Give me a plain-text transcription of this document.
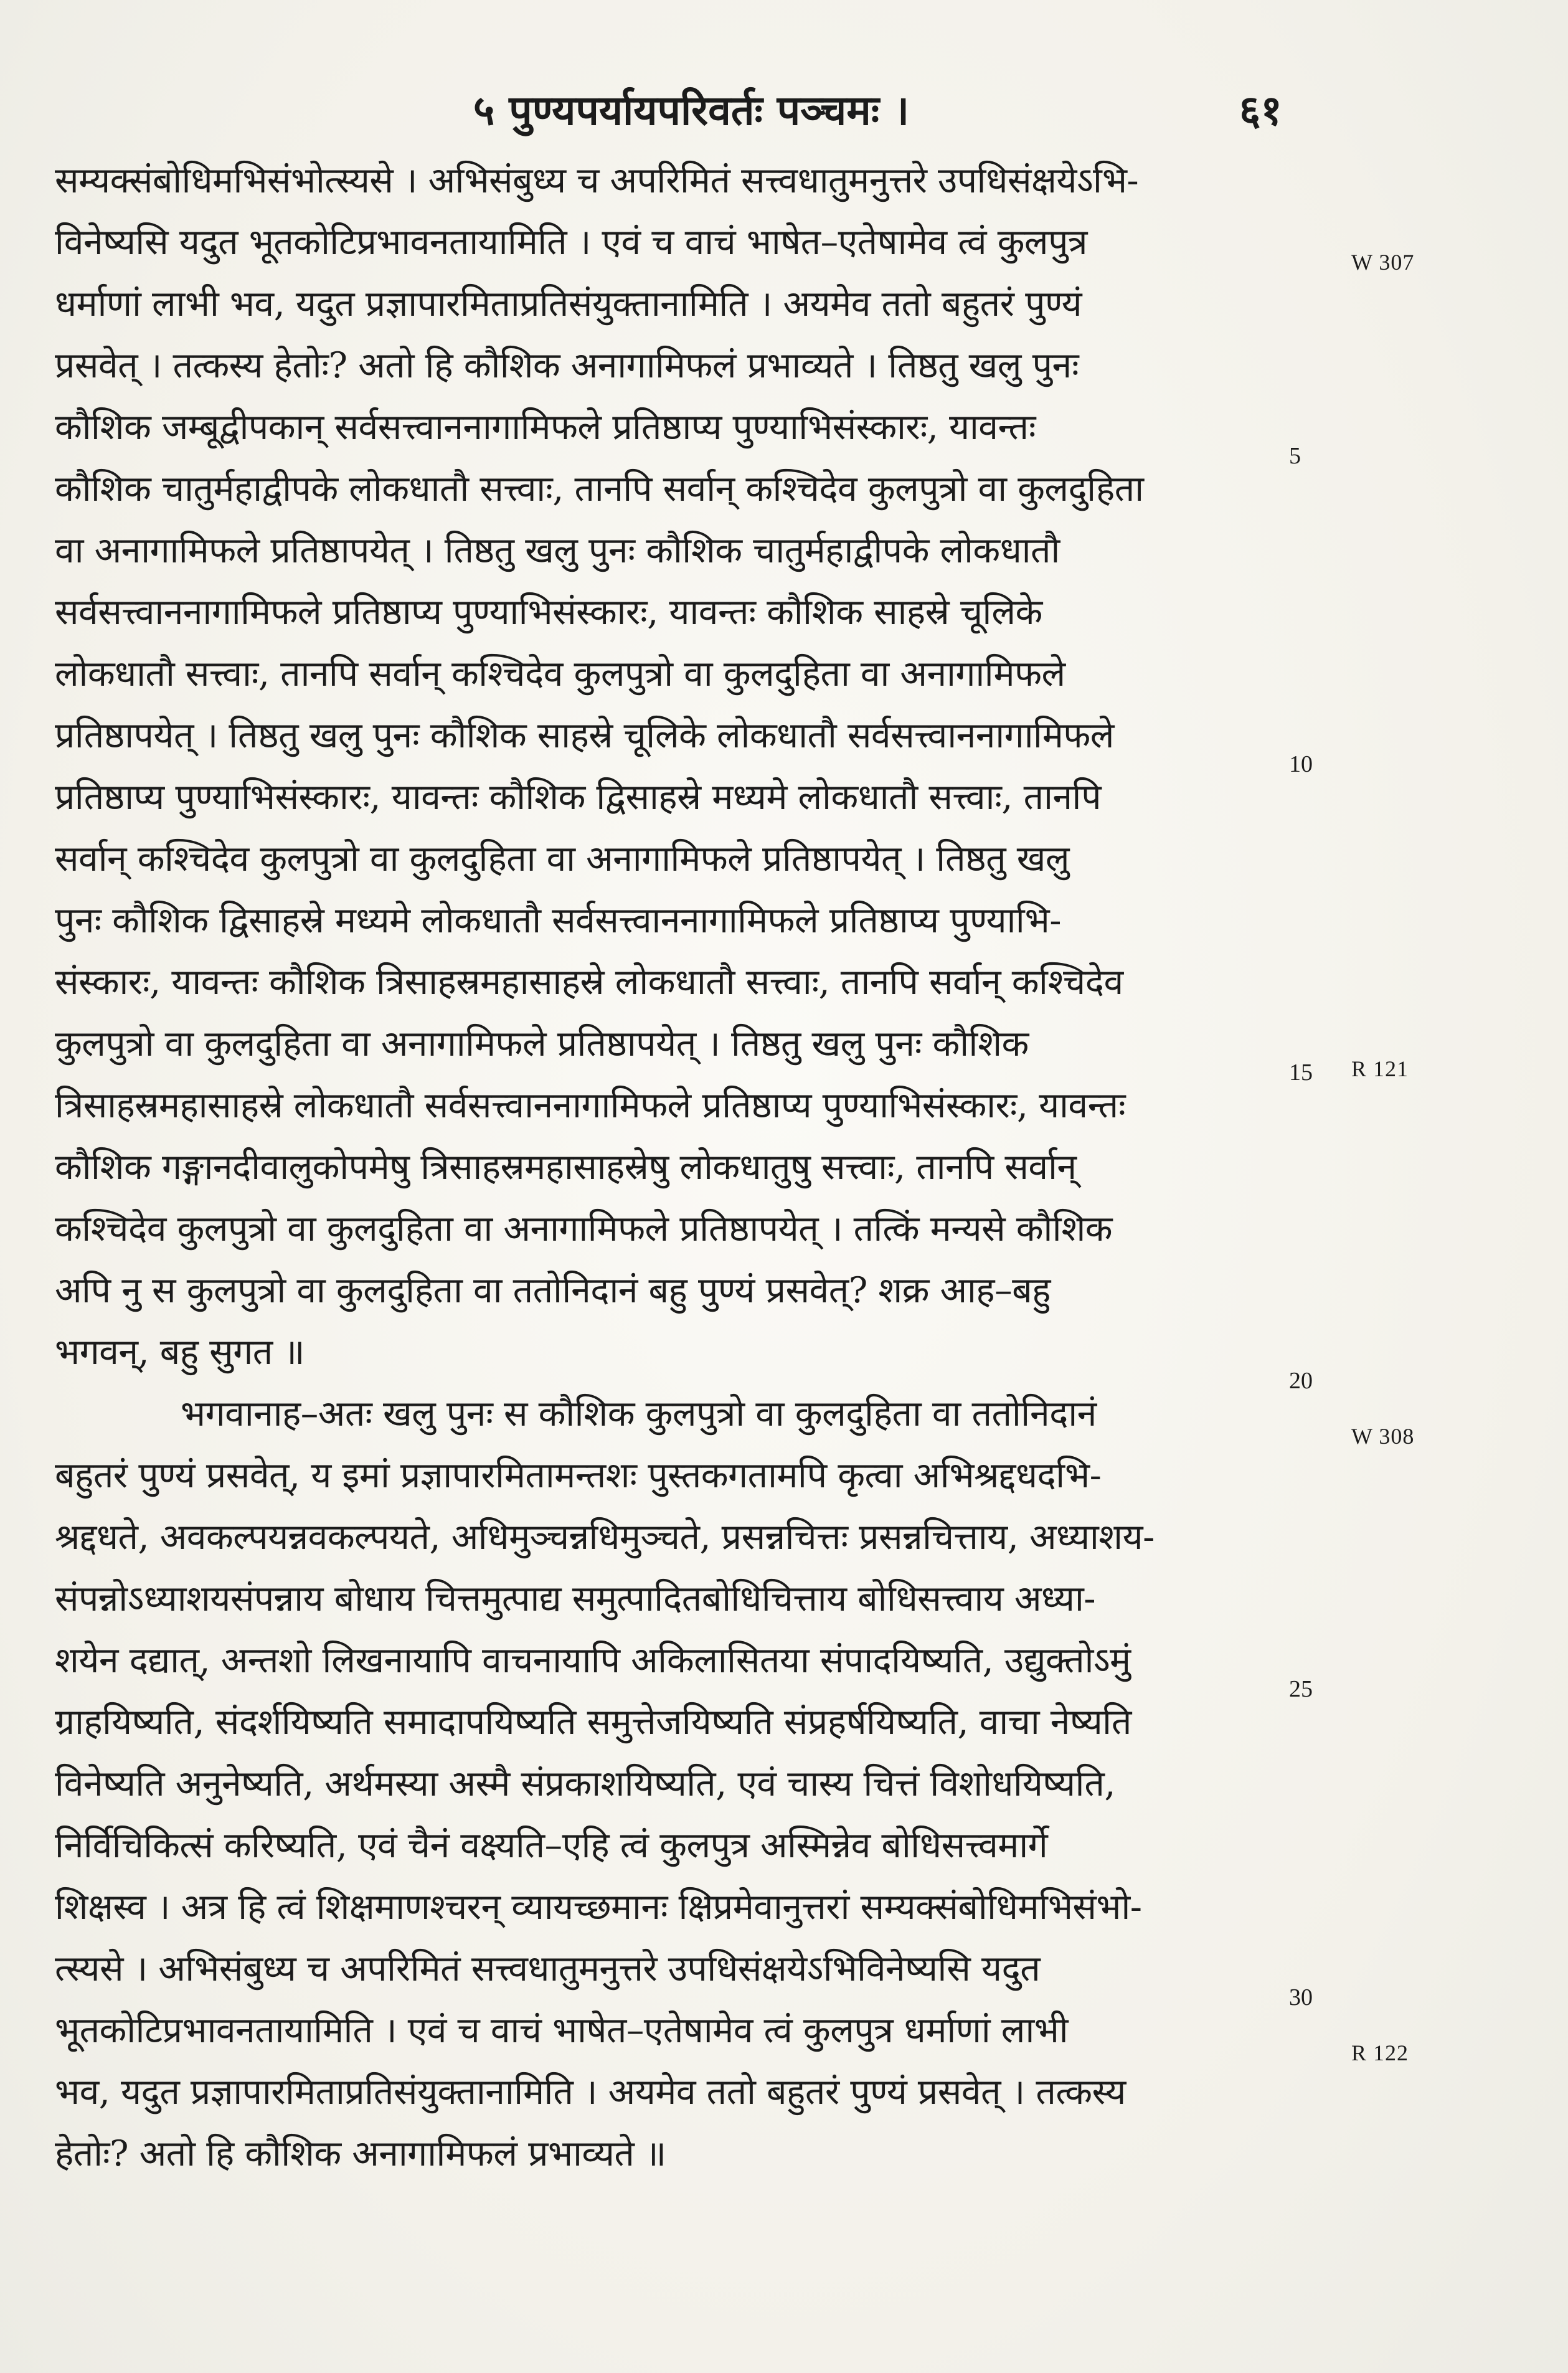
५ पुण्यपर्यायपरिवर्तः पञ्चमः ।	६१
सम्यक्संबोधिमभिसंभोत्स्यसे । अभिसंबुध्य च अपरिमितं सत्त्वधातुमनुत्तरे उपधिसंक्षयेऽभि-
विनेष्यसि यदुत भूतकोटिप्रभावनतायामिति । एवं च वाचं भाषेत–एतेषामेव त्वं कुलपुत्र
धर्माणां लाभी भव, यदुत प्रज्ञापारमिताप्रतिसंयुक्तानामिति । अयमेव ततो बहुतरं पुण्यं
प्रसवेत् । तत्कस्य हेतोः? अतो हि कौशिक अनागामिफलं प्रभाव्यते । तिष्ठतु खलु पुनः
कौशिक जम्बूद्वीपकान् सर्वसत्त्वाननागामिफले प्रतिष्ठाप्य पुण्याभिसंस्कारः, यावन्तः
कौशिक चातुर्महाद्वीपके लोकधातौ सत्त्वाः, तानपि सर्वान् कश्चिदेव कुलपुत्रो वा कुलदुहिता
वा अनागामिफले प्रतिष्ठापयेत् । तिष्ठतु खलु पुनः कौशिक चातुर्महाद्वीपके लोकधातौ
सर्वसत्त्वाननागामिफले प्रतिष्ठाप्य पुण्याभिसंस्कारः, यावन्तः कौशिक साहस्रे चूलिके
लोकधातौ सत्त्वाः, तानपि सर्वान् कश्चिदेव कुलपुत्रो वा कुलदुहिता वा अनागामिफले
प्रतिष्ठापयेत् । तिष्ठतु खलु पुनः कौशिक साहस्रे चूलिके लोकधातौ सर्वसत्त्वाननागामिफले
प्रतिष्ठाप्य पुण्याभिसंस्कारः, यावन्तः कौशिक द्विसाहस्रे मध्यमे लोकधातौ सत्त्वाः, तानपि
सर्वान् कश्चिदेव कुलपुत्रो वा कुलदुहिता वा अनागामिफले प्रतिष्ठापयेत् । तिष्ठतु खलु
पुनः कौशिक द्विसाहस्रे मध्यमे लोकधातौ सर्वसत्त्वाननागामिफले प्रतिष्ठाप्य पुण्याभि-
संस्कारः, यावन्तः कौशिक त्रिसाहस्रमहासाहस्रे लोकधातौ सत्त्वाः, तानपि सर्वान् कश्चिदेव
कुलपुत्रो वा कुलदुहिता वा अनागामिफले प्रतिष्ठापयेत् । तिष्ठतु खलु पुनः कौशिक
त्रिसाहस्रमहासाहस्रे लोकधातौ सर्वसत्त्वाननागामिफले प्रतिष्ठाप्य पुण्याभिसंस्कारः, यावन्तः
कौशिक गङ्गानदीवालुकोपमेषु त्रिसाहस्रमहासाहस्रेषु लोकधातुषु सत्त्वाः, तानपि सर्वान्
कश्चिदेव कुलपुत्रो वा कुलदुहिता वा अनागामिफले प्रतिष्ठापयेत् । तत्किं मन्यसे कौशिक
अपि नु स कुलपुत्रो वा कुलदुहिता वा ततोनिदानं बहु पुण्यं प्रसवेत्? शक्र आह–बहु
भगवन्, बहु सुगत ॥
भगवानाह–अतः खलु पुनः स कौशिक कुलपुत्रो वा कुलदुहिता वा ततोनिदानं
बहुतरं पुण्यं प्रसवेत्, य इमां प्रज्ञापारमितामन्तशः पुस्तकगतामपि कृत्वा अभिश्रद्दधदभि-
श्रद्दधते, अवकल्पयन्नवकल्पयते, अधिमुञ्चन्नधिमुञ्चते, प्रसन्नचित्तः प्रसन्नचित्ताय, अध्याशय-
संपन्नोऽध्याशयसंपन्नाय बोधाय चित्तमुत्पाद्य समुत्पादितबोधिचित्ताय बोधिसत्त्वाय अध्या-
शयेन दद्यात्, अन्तशो लिखनायापि वाचनायापि अकिलासितया संपादयिष्यति, उद्युक्तोऽमुं
ग्राहयिष्यति, संदर्शयिष्यति समादापयिष्यति समुत्तेजयिष्यति संप्रहर्षयिष्यति, वाचा नेष्यति
विनेष्यति अनुनेष्यति, अर्थमस्या अस्मै संप्रकाशयिष्यति, एवं चास्य चित्तं विशोधयिष्यति,
निर्विचिकित्सं करिष्यति, एवं चैनं वक्ष्यति–एहि त्वं कुलपुत्र अस्मिन्नेव बोधिसत्त्वमार्गे
शिक्षस्व । अत्र हि त्वं शिक्षमाणश्चरन् व्यायच्छमानः क्षिप्रमेवानुत्तरां सम्यक्संबोधिमभिसंभो-
त्स्यसे । अभिसंबुध्य च अपरिमितं सत्त्वधातुमनुत्तरे उपधिसंक्षयेऽभिविनेष्यसि यदुत
भूतकोटिप्रभावनतायामिति । एवं च वाचं भाषेत–एतेषामेव त्वं कुलपुत्र धर्माणां लाभी
भव, यदुत प्रज्ञापारमिताप्रतिसंयुक्तानामिति । अयमेव ततो बहुतरं पुण्यं प्रसवेत् । तत्कस्य
हेतोः? अतो हि कौशिक अनागामिफलं प्रभाव्यते ॥
5
10
15
20
25
30
W 307
R 121
W 308
R 122
